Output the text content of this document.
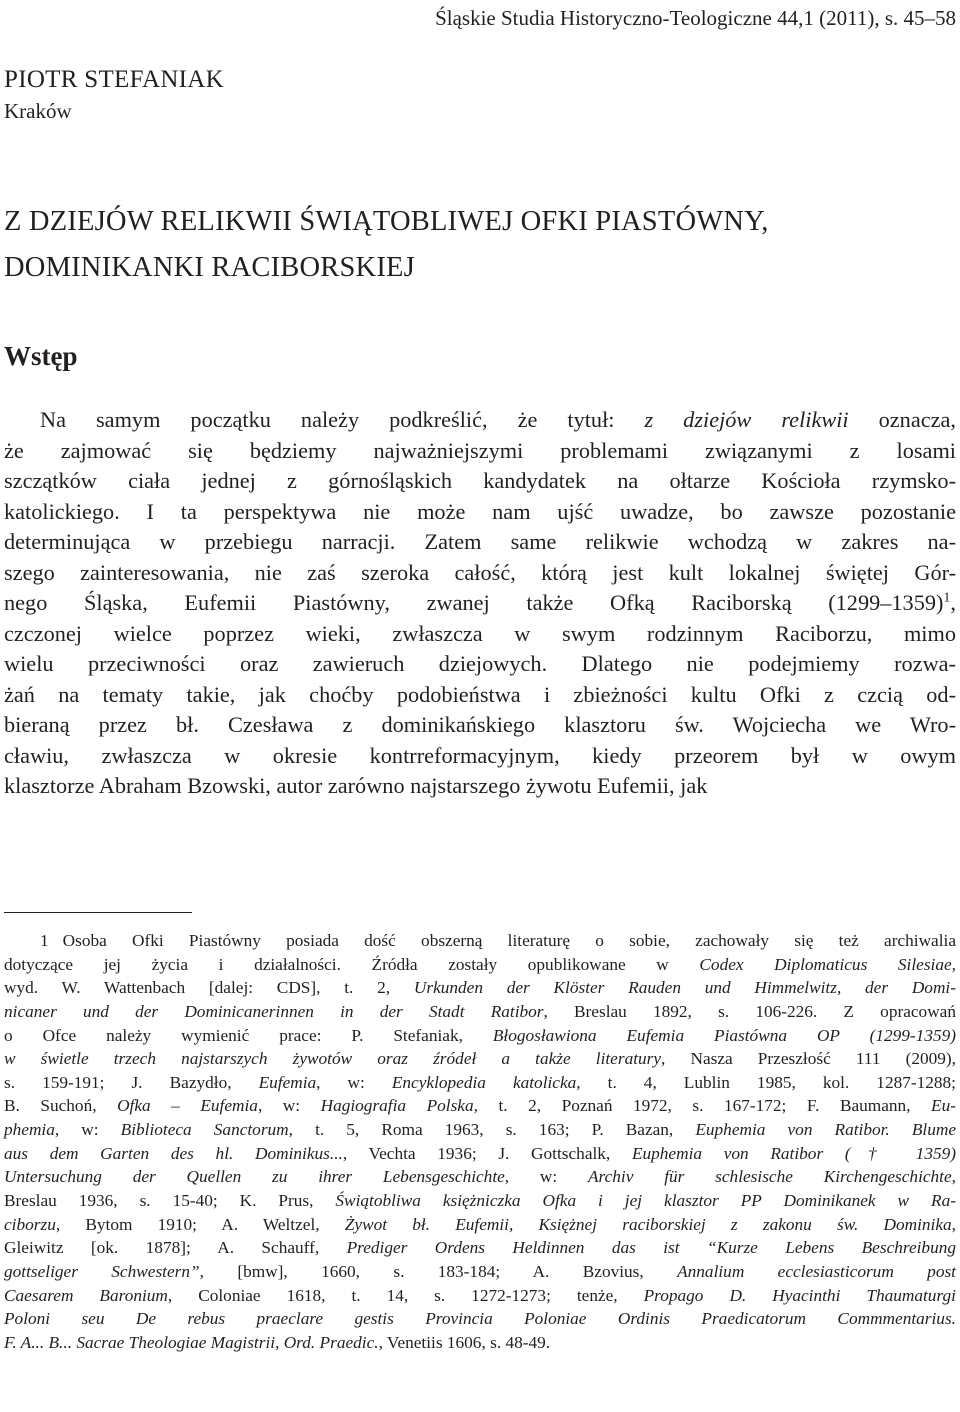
Śląskie Studia Historyczno-Teologiczne 44,1 (2011), s. 45–58
PIOTR STEFANIAK
Kraków
Z DZIEJÓW RELIKWII ŚWIĄTOBLIWEJ OFKI PIASTÓWNY,
DOMINIKANKI RACIBORSKIEJ
Wstęp
Na samym początku należy podkreślić, że tytuł: z dziejów relikwii oznacza,
że zajmować się będziemy najważniejszymi problemami związanymi z losami
szczątków ciała jednej z górnośląskich kandydatek na ołtarze Kościoła rzymsko-
katolickiego. I ta perspektywa nie może nam ujść uwadze, bo zawsze pozostanie
determinująca w przebiegu narracji. Zatem same relikwie wchodzą w zakres na-
szego zainteresowania, nie zaś szeroka całość, którą jest kult lokalnej świętej Gór-
nego Śląska, Eufemii Piastówny, zwanej także Ofką Raciborską (1299–1359)$^1$,
czczonej wielce poprzez wieki, zwłaszcza w swym rodzinnym Raciborzu, mimo
wielu przeciwności oraz zawieruch dziejowych. Dlatego nie podejmiemy rozwa-
żań na tematy takie, jak choćby podobieństwa i zbieżności kultu Ofki z czcią od-
bieraną przez bł. Czesława z dominikańskiego klasztoru św. Wojciecha we Wro-
cławiu, zwłaszcza w okresie kontrreformacyjnym, kiedy przeorem był w owym
klasztorze Abraham Bzowski, autor zarówno najstarszego żywotu Eufemii, jak
1 Osoba Ofki Piastówny posiada dość obszerną literaturę o sobie, zachowały się też archiwalia
dotyczące jej życia i działalności. Źródła zostały opublikowane w Codex Diplomaticus Silesiae,
wyd. W. Wattenbach [dalej: CDS], t. 2, Urkunden der Klöster Rauden und Himmelwitz, der Domi-
nicaner und der Dominicanerinnen in der Stadt Ratibor, Breslau 1892, s. 106-226. Z opracowań
o Ofce należy wymienić prace: P. Stefaniak, Błogosławiona Eufemia Piastówna OP (1299-1359)
w świetle trzech najstarszych żywotów oraz źródeł a także literatury, Nasza Przeszłość 111 (2009),
s. 159-191; J. Bazydło, Eufemia, w: Encyklopedia katolicka, t. 4, Lublin 1985, kol. 1287-1288;
B. Suchoń, Ofka – Eufemia, w: Hagiografia Polska, t. 2, Poznań 1972, s. 167-172; F. Baumann, Eu-
phemia, w: Biblioteca Sanctorum, t. 5, Roma 1963, s. 163; P. Bazan, Euphemia von Ratibor. Blume
aus dem Garten des hl. Dominikus..., Vechta 1936; J. Gottschalk, Euphemia von Ratibor († 1359)
Untersuchung der Quellen zu ihrer Lebensgeschichte, w: Archiv für schlesische Kirchengeschichte,
Breslau 1936, s. 15-40; K. Prus, Świątobliwa księżniczka Ofka i jej klasztor PP Dominikanek w Ra-
ciborzu, Bytom 1910; A. Weltzel, Żywot bł. Eufemii, Księżnej raciborskiej z zakonu św. Dominika,
Gleiwitz [ok. 1878]; A. Schauff, Prediger Ordens Heldinnen das ist “Kurze Lebens Beschreibung
gottseliger Schwestern”, [bmw], 1660, s. 183-184; A. Bzovius, Annalium ecclesiasticorum post
Caesarem Baronium, Coloniae 1618, t. 14, s. 1272-1273; tenże, Propago D. Hyacinthi Thaumaturgi
Poloni seu De rebus praeclare gestis Provincia Poloniae Ordinis Praedicatorum Commmentarius.
F. A... B... Sacrae Theologiae Magistrii, Ord. Praedic., Venetiis 1606, s. 48-49.
